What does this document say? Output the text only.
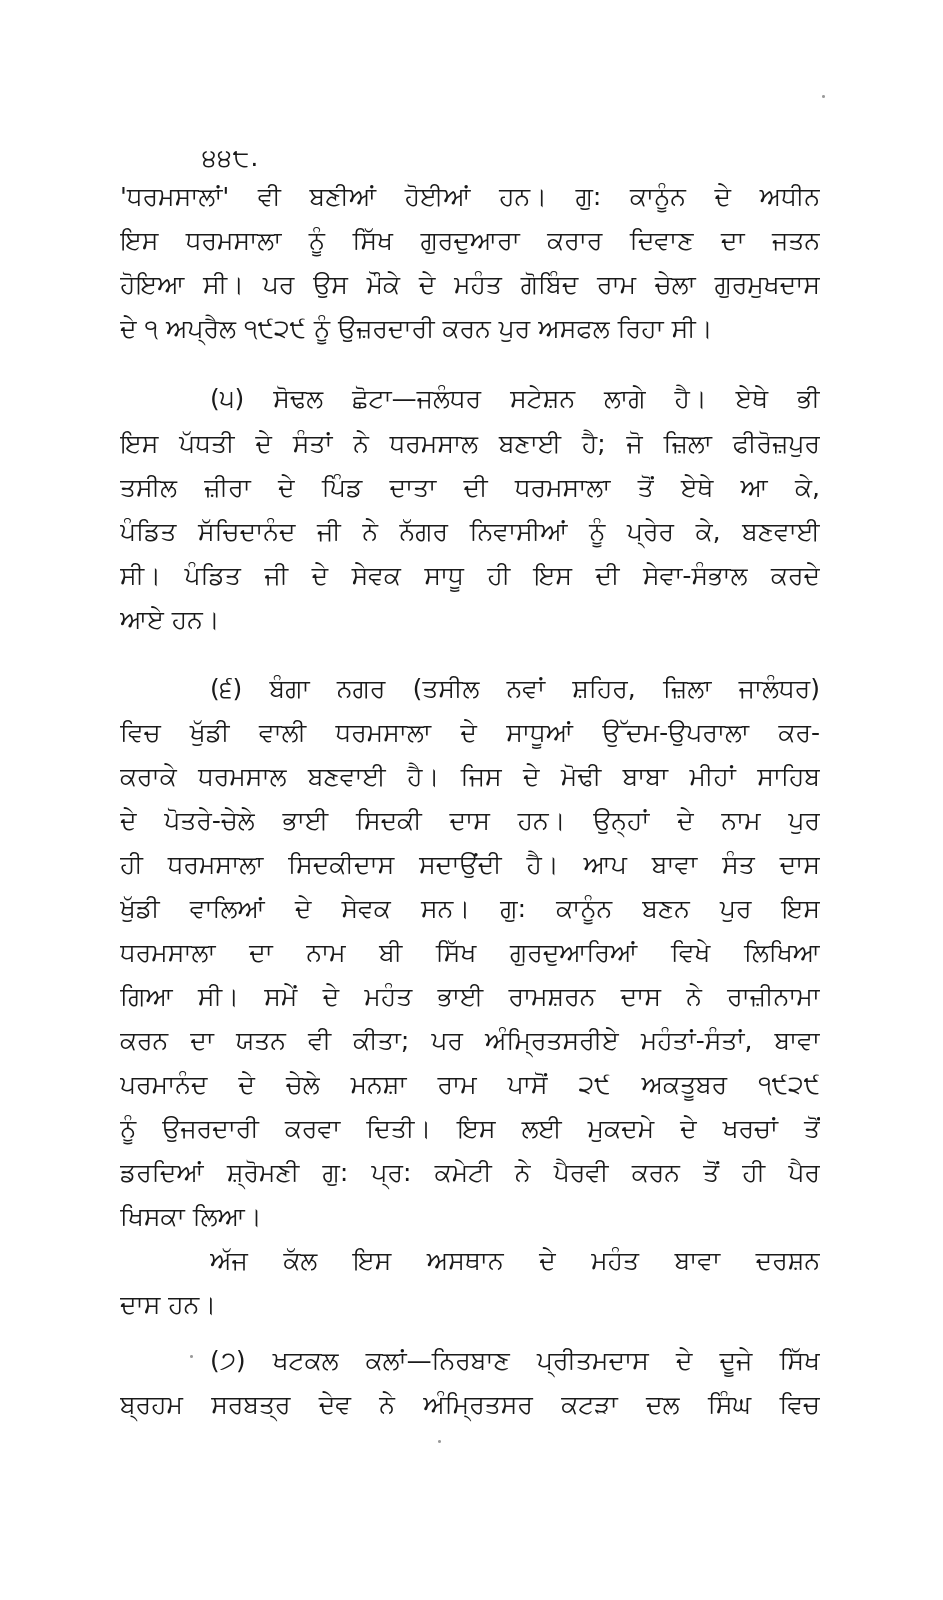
੪੪੮.
'ਧਰਮਸਾਲਾਂ' ਵੀ ਬਣੀਆਂ ਹੋਈਆਂ ਹਨ। ਗੁ: ਕਾਨੂੰਨ ਦੇ ਅਧੀਨ
ਇਸ ਧਰਮਸਾਲਾ ਨੂੰ ਸਿੱਖ ਗੁਰਦੁਆਰਾ ਕਰਾਰ ਦਿਵਾਣ ਦਾ ਜਤਨ
ਹੋਇਆ ਸੀ। ਪਰ ਉਸ ਮੌਕੇ ਦੇ ਮਹੰਤ ਗੋਬਿੰਦ ਰਾਮ ਚੇਲਾ ਗੁਰਮੁਖਦਾਸ
ਦੇ ੧ ਅਪ੍ਰੈਲ ੧੯੨੯ ਨੂੰ ਉਜ਼ਰਦਾਰੀ ਕਰਨ ਪੁਰ ਅਸਫਲ ਰਿਹਾ ਸੀ।
(੫) ਸੋਢਲ ਛੋਟਾ—ਜਲੰਧਰ ਸਟੇਸ਼ਨ ਲਾਗੇ ਹੈ। ਏਥੇ ਭੀ
ਇਸ ਪੱਧਤੀ ਦੇ ਸੰਤਾਂ ਨੇ ਧਰਮਸਾਲ ਬਣਾਈ ਹੈ; ਜੋ ਜ਼ਿਲਾ ਫੀਰੋਜ਼ਪੁਰ
ਤਸੀਲ ਜ਼ੀਰਾ ਦੇ ਪਿੰਡ ਦਾਤਾ ਦੀ ਧਰਮਸਾਲਾ ਤੋਂ ਏਥੇ ਆ ਕੇ,
ਪੰਡਿਤ ਸੱਚਿਦਾਨੰਦ ਜੀ ਨੇ ਨੱਗਰ ਨਿਵਾਸੀਆਂ ਨੂੰ ਪ੍ਰੇਰ ਕੇ, ਬਣਵਾਈ
ਸੀ। ਪੰਡਿਤ ਜੀ ਦੇ ਸੇਵਕ ਸਾਧੂ ਹੀ ਇਸ ਦੀ ਸੇਵਾ-ਸੰਭਾਲ ਕਰਦੇ
ਆਏ ਹਨ।
(੬) ਬੰਗਾ ਨਗਰ (ਤਸੀਲ ਨਵਾਂ ਸ਼ਹਿਰ, ਜ਼ਿਲਾ ਜਾਲੰਧਰ)
ਵਿਚ ਖੁੱਡੀ ਵਾਲੀ ਧਰਮਸਾਲਾ ਦੇ ਸਾਧੂਆਂ ਉੱਦਮ-ਉਪਰਾਲਾ ਕਰ-
ਕਰਾਕੇ ਧਰਮਸਾਲ ਬਣਵਾਈ ਹੈ। ਜਿਸ ਦੇ ਮੋਢੀ ਬਾਬਾ ਮੀਹਾਂ ਸਾਹਿਬ
ਦੇ ਪੋਤਰੇ-ਚੇਲੇ ਭਾਈ ਸਿਦਕੀ ਦਾਸ ਹਨ। ਉਨ੍ਹਾਂ ਦੇ ਨਾਮ ਪੁਰ
ਹੀ ਧਰਮਸਾਲਾ ਸਿਦਕੀਦਾਸ ਸਦਾਉਂਦੀ ਹੈ। ਆਪ ਬਾਵਾ ਸੰਤ ਦਾਸ
ਖੁੱਡੀ ਵਾਲਿਆਂ ਦੇ ਸੇਵਕ ਸਨ। ਗੁ: ਕਾਨੂੰਨ ਬਣਨ ਪੁਰ ਇਸ
ਧਰਮਸਾਲਾ ਦਾ ਨਾਮ ਬੀ ਸਿੱਖ ਗੁਰਦੁਆਰਿਆਂ ਵਿਖੇ ਲਿਖਿਆ
ਗਿਆ ਸੀ। ਸਮੇਂ ਦੇ ਮਹੰਤ ਭਾਈ ਰਾਮਸ਼ਰਨ ਦਾਸ ਨੇ ਰਾਜ਼ੀਨਾਮਾ
ਕਰਨ ਦਾ ਯਤਨ ਵੀ ਕੀਤਾ; ਪਰ ਅੰਮ੍ਰਿਤਸਰੀਏ ਮਹੰਤਾਂ-ਸੰਤਾਂ, ਬਾਵਾ
ਪਰਮਾਨੰਦ ਦੇ ਚੇਲੇ ਮਨਸ਼ਾ ਰਾਮ ਪਾਸੋਂ ੨੯ ਅਕਤੂਬਰ ੧੯੨੯
ਨੂੰ ਉਜਰਦਾਰੀ ਕਰਵਾ ਦਿਤੀ। ਇਸ ਲਈ ਮੁਕਦਮੇ ਦੇ ਖਰਚਾਂ ਤੋਂ
ਡਰਦਿਆਂ ਸ਼੍ਰੋਮਣੀ ਗੁ: ਪ੍ਰ: ਕਮੇਟੀ ਨੇ ਪੈਰਵੀ ਕਰਨ ਤੋਂ ਹੀ ਪੈਰ
ਖਿਸਕਾ ਲਿਆ।
ਅੱਜ ਕੱਲ ਇਸ ਅਸਥਾਨ ਦੇ ਮਹੰਤ ਬਾਵਾ ਦਰਸ਼ਨ
ਦਾਸ ਹਨ।
(੭) ਖਟਕਲ ਕਲਾਂ—ਨਿਰਬਾਣ ਪ੍ਰੀਤਮਦਾਸ ਦੇ ਦੂਜੇ ਸਿੱਖ
ਬ੍ਰਹਮ ਸਰਬਤ੍ਰ ਦੇਵ ਨੇ ਅੰਮ੍ਰਿਤਸਰ ਕਟੜਾ ਦਲ ਸਿੰਘ ਵਿਚ
